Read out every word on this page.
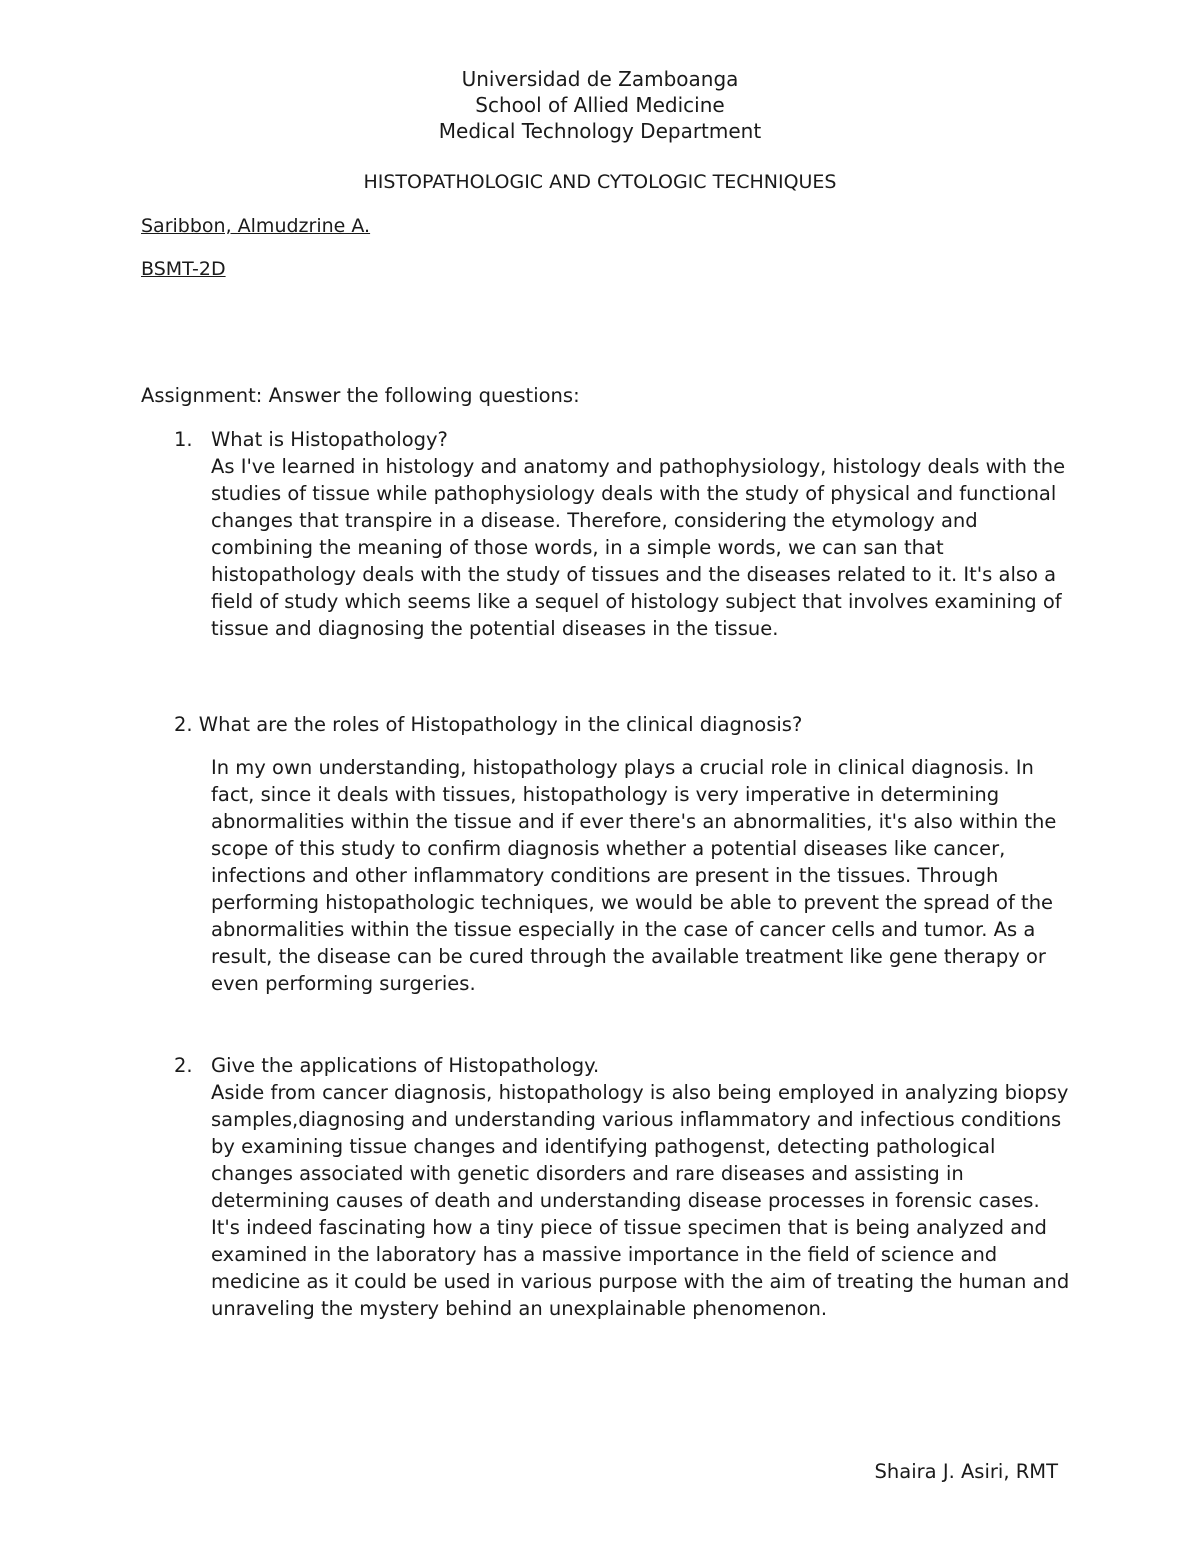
Universidad de Zamboanga
School of Allied Medicine
Medical Technology Department
HISTOPATHOLOGIC AND CYTOLOGIC TECHNIQUES
Saribbon, Almudzrine A.
BSMT-2D
Assignment: Answer the following questions:
1. What is Histopathology?
As I've learned in histology and anatomy and pathophysiology, histology deals with the studies of tissue while pathophysiology deals with the study of physical and functional changes that transpire in a disease. Therefore, considering the etymology and combining the meaning of those words, in a simple words, we can san that histopathology deals with the study of tissues and the diseases related to it. It's also a field of study which seems like a sequel of histology subject that involves examining of tissue and diagnosing the potential diseases in the tissue.
2. What are the roles of Histopathology in the clinical diagnosis?
In my own understanding, histopathology plays a crucial role in clinical diagnosis. In fact, since it deals with tissues, histopathology is very imperative in determining abnormalities within the tissue and if ever there's an abnormalities, it's also within the scope of this study to confirm diagnosis whether a potential diseases like cancer, infections and other inflammatory conditions are present in the tissues. Through performing histopathologic techniques, we would be able to prevent the spread of the abnormalities within the tissue especially in the case of cancer cells and tumor. As a result, the disease can be cured through the available treatment like gene therapy or even performing surgeries.
2. Give the applications of Histopathology.
Aside from cancer diagnosis, histopathology is also being employed in analyzing biopsy samples,diagnosing and understanding various inflammatory and infectious conditions by examining tissue changes and identifying pathogenst, detecting pathological changes associated with genetic disorders and rare diseases and assisting in determining causes of death and understanding disease processes in forensic cases. It's indeed fascinating how a tiny piece of tissue specimen that is being analyzed and examined in the laboratory has a massive importance in the field of science and medicine as it could be used in various purpose with the aim of treating the human and unraveling the mystery behind an unexplainable phenomenon.
Shaira J. Asiri, RMT
